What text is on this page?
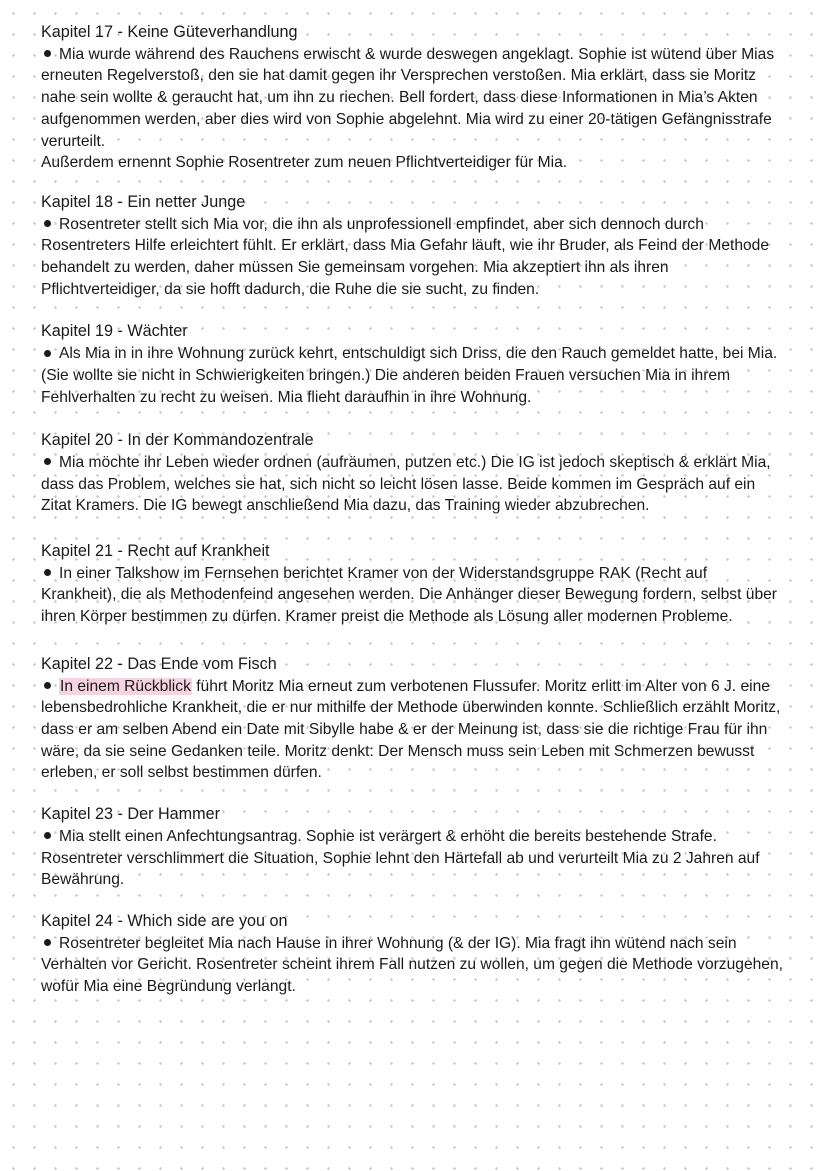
Kapitel 17 - Keine Güteverhandlung

Mia wurde während des Rauchens erwischt & wurde deswegen angeklagt. Sophie ist wütend über Mias erneuten Regelverstoß, den sie hat damit gegen ihr Versprechen verstoßen. Mia erklärt, dass sie Moritz nahe sein wollte & geraucht hat, um ihn zu riechen. Bell fordert, dass diese Informationen in Mia’s Akten aufgenommen werden, aber dies wird von Sophie abgelehnt. Mia wird zu einer 20-tätigen Gefängnisstrafe verurteilt.

Außerdem ernennt Sophie Rosentreter zum neuen Pflichtverteidiger für Mia.

Kapitel 18 - Ein netter Junge

Rosentreter stellt sich Mia vor, die ihn als unprofessionell empfindet, aber sich dennoch durch Rosentreters Hilfe erleichtert fühlt. Er erklärt, dass Mia Gefahr läuft, wie ihr Bruder, als Feind der Methode behandelt zu werden, daher müssen Sie gemeinsam vorgehen. Mia akzeptiert ihn als ihren Pflichtverteidiger, da sie hofft dadurch, die Ruhe die sie sucht, zu finden.

Kapitel 19 - Wächter

Als Mia in in ihre Wohnung zurück kehrt, entschuldigt sich Driss, die den Rauch gemeldet hatte, bei Mia. (Sie wollte sie nicht in Schwierigkeiten bringen.) Die anderen beiden Frauen versuchen Mia in ihrem Fehlverhalten zu recht zu weisen. Mia flieht daraufhin in ihre Wohnung.

Kapitel 20 - In der Kommandozentrale

Mia möchte ihr Leben wieder ordnen (aufräumen, putzen etc.) Die IG ist jedoch skeptisch & erklärt Mia, dass das Problem, welches sie hat, sich nicht so leicht lösen lasse. Beide kommen im Gespräch auf ein Zitat Kramers. Die IG bewegt anschließend Mia dazu, das Training wieder abzubrechen.

Kapitel 21 - Recht auf Krankheit

In einer Talkshow im Fernsehen berichtet Kramer von der Widerstandsgruppe RAK (Recht auf Krankheit), die als Methodenfeind angesehen werden. Die Anhänger dieser Bewegung fordern, selbst über ihren Körper bestimmen zu dürfen. Kramer preist die Methode als Lösung aller modernen Probleme.

Kapitel 22 - Das Ende vom Fisch

In einem Rückblick führt Moritz Mia erneut zum verbotenen Flussufer. Moritz erlitt im Alter von 6 J. eine lebensbedrohliche Krankheit, die er nur mithilfe der Methode überwinden konnte. Schließlich erzählt Moritz, dass er am selben Abend ein Date mit Sibylle habe & er der Meinung ist, dass sie die richtige Frau für ihn wäre, da sie seine Gedanken teile. Moritz denkt: Der Mensch muss sein Leben mit Schmerzen bewusst erleben, er soll selbst bestimmen dürfen.

Kapitel 23 - Der Hammer

Mia stellt einen Anfechtungsantrag. Sophie ist verärgert & erhöht die bereits bestehende Strafe. Rosentreter verschlimmert die Situation, Sophie lehnt den Härtefall ab und verurteilt Mia zu 2 Jahren auf Bewährung.

Kapitel 24 - Which side are you on

Rosentreter begleitet Mia nach Hause in ihrer Wohnung (& der IG). Mia fragt ihn wütend nach sein Verhalten vor Gericht. Rosentreter scheint ihrem Fall nutzen zu wollen, um gegen die Methode vorzugehen, wofür Mia eine Begründung verlangt.
